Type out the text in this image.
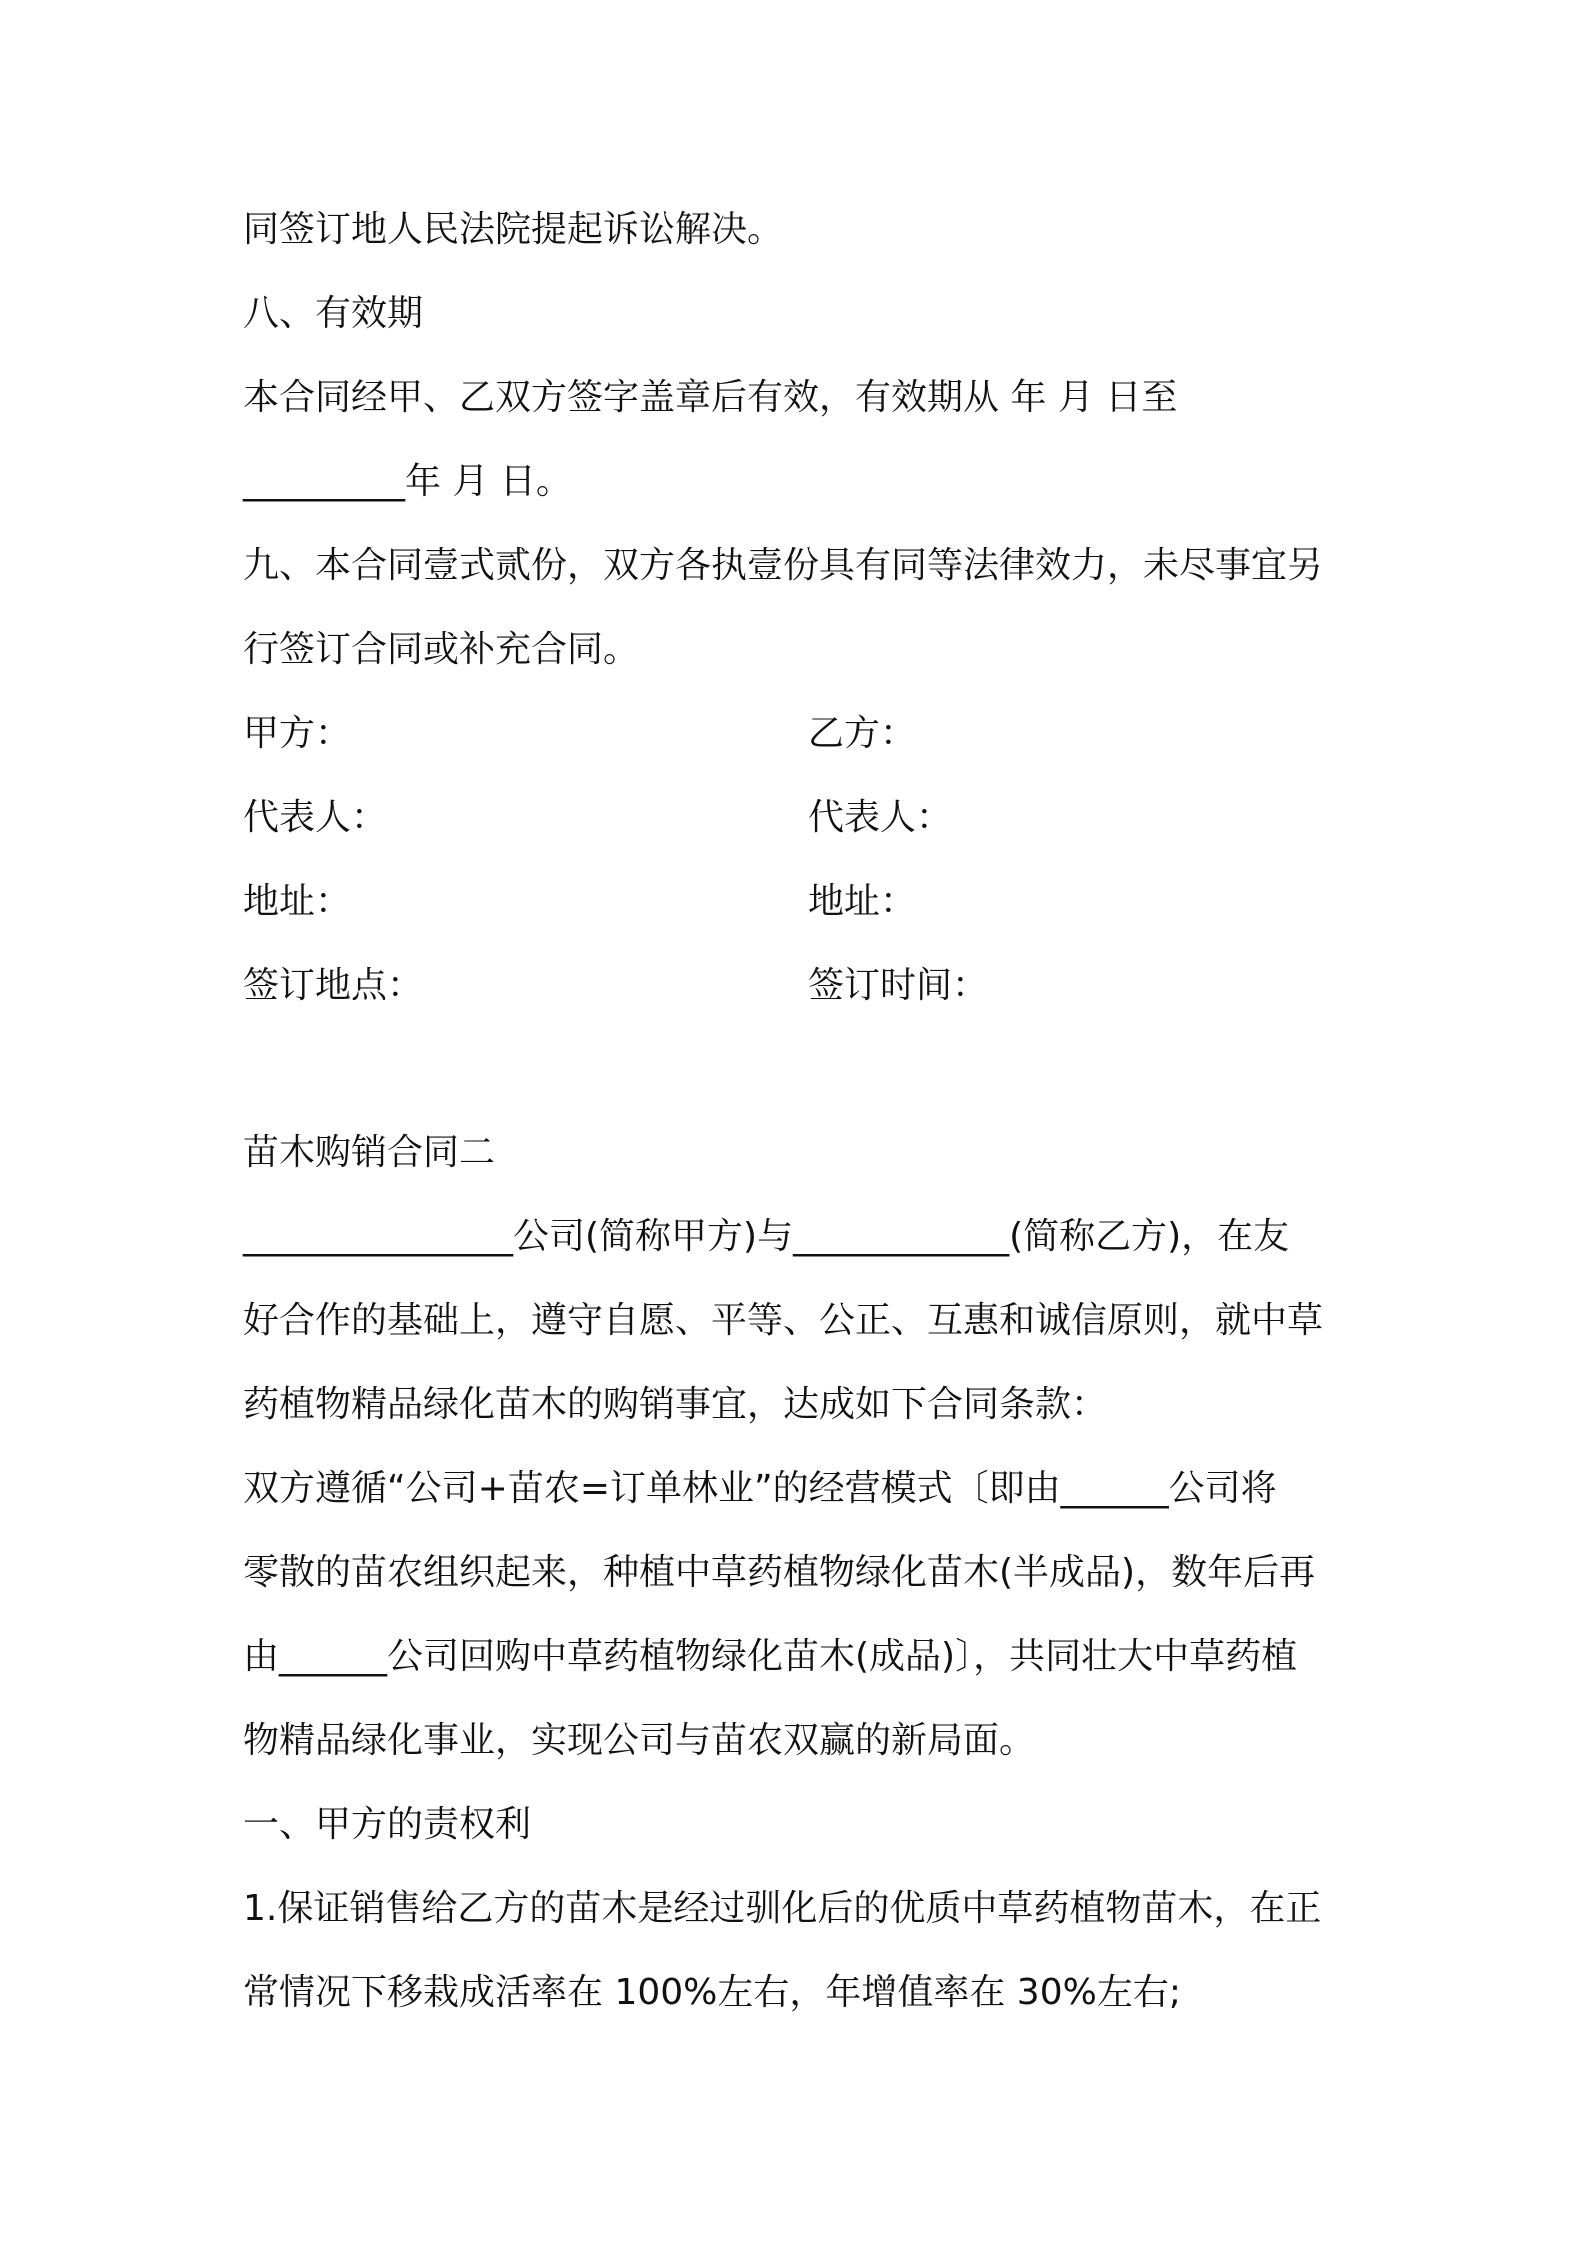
同签订地人民法院提起诉讼解决。

八、有效期

本合同经甲、乙双方签字盖章后有效，有效期从 年 月 日至

_________年 月 日。

九、本合同壹式贰份，双方各执壹份具有同等法律效力，未尽事宜另

行签订合同或补充合同。

甲方：	乙方：

代表人：	代表人：

地址：	地址：

签订地点：	签订时间：

苗木购销合同二

_______________公司(简称甲方)与____________(简称乙方)，在友

好合作的基础上，遵守自愿、平等、公正、互惠和诚信原则，就中草

药植物精品绿化苗木的购销事宜，达成如下合同条款：

双方遵循“公司+苗农=订单林业”的经营模式〔即由______公司将

零散的苗农组织起来，种植中草药植物绿化苗木(半成品)，数年后再

由______公司回购中草药植物绿化苗木(成品)〕，共同壮大中草药植

物精品绿化事业，实现公司与苗农双赢的新局面。

一、甲方的责权利

1.保证销售给乙方的苗木是经过驯化后的优质中草药植物苗木，在正

常情况下移栽成活率在 100%左右，年增值率在 30%左右;
